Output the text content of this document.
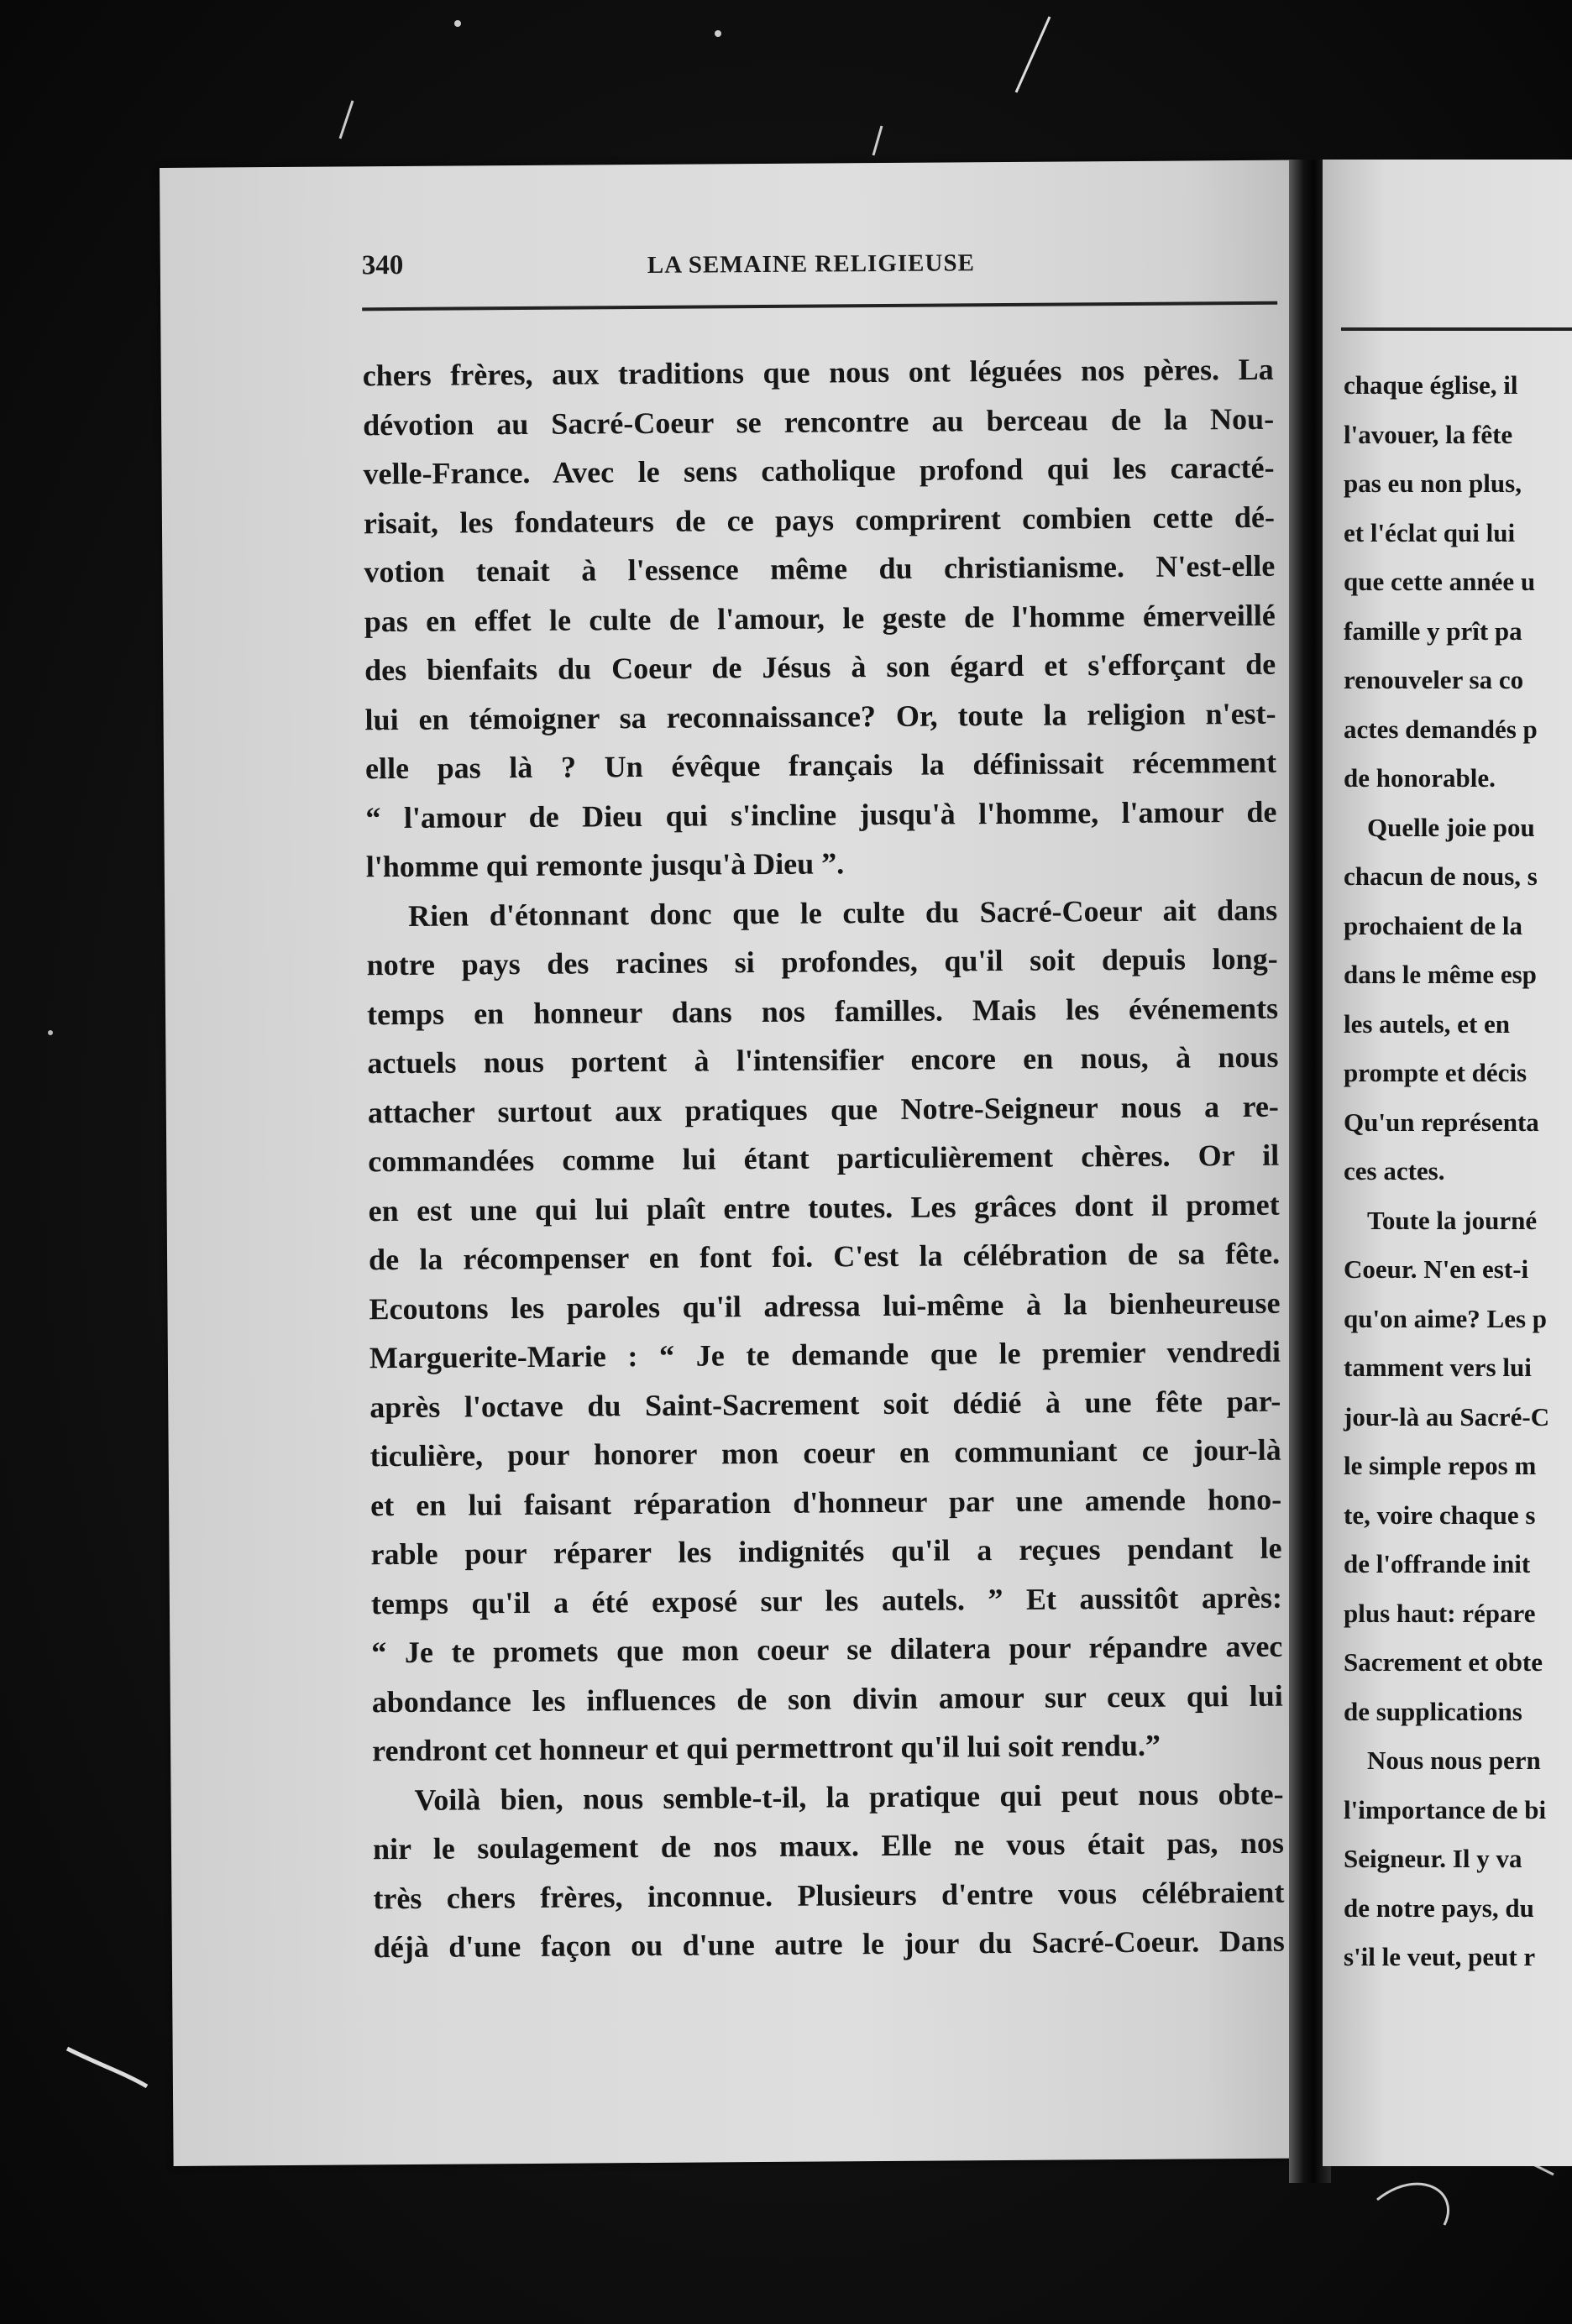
340	LA SEMAINE RELIGIEUSE
chers frères, aux traditions que nous ont léguées nos pères. La
dévotion au Sacré-Coeur se rencontre au berceau de la Nou-
velle-France. Avec le sens catholique profond qui les caracté-
risait, les fondateurs de ce pays comprirent combien cette dé-
votion tenait à l'essence même du christianisme. N'est-elle
pas en effet le culte de l'amour, le geste de l'homme émerveillé
des bienfaits du Coeur de Jésus à son égard et s'efforçant de
lui en témoigner sa reconnaissance? Or, toute la religion n'est-
elle pas là ? Un évêque français la définissait récemment
“ l'amour de Dieu qui s'incline jusqu'à l'homme, l'amour de
l'homme qui remonte jusqu'à Dieu ”.
Rien d'étonnant donc que le culte du Sacré-Coeur ait dans
notre pays des racines si profondes, qu'il soit depuis long-
temps en honneur dans nos familles. Mais les événements
actuels nous portent à l'intensifier encore en nous, à nous
attacher surtout aux pratiques que Notre-Seigneur nous a re-
commandées comme lui étant particulièrement chères. Or il
en est une qui lui plaît entre toutes. Les grâces dont il promet
de la récompenser en font foi. C'est la célébration de sa fête.
Ecoutons les paroles qu'il adressa lui-même à la bienheureuse
Marguerite-Marie : “ Je te demande que le premier vendredi
après l'octave du Saint-Sacrement soit dédié à une fête par-
ticulière, pour honorer mon coeur en communiant ce jour-là
et en lui faisant réparation d'honneur par une amende hono-
rable pour réparer les indignités qu'il a reçues pendant le
temps qu'il a été exposé sur les autels. ” Et aussitôt après:
“ Je te promets que mon coeur se dilatera pour répandre avec
abondance les influences de son divin amour sur ceux qui lui
rendront cet honneur et qui permettront qu'il lui soit rendu.”
Voilà bien, nous semble-t-il, la pratique qui peut nous obte-
nir le soulagement de nos maux. Elle ne vous était pas, nos
très chers frères, inconnue. Plusieurs d'entre vous célébraient
déjà d'une façon ou d'une autre le jour du Sacré-Coeur. Dans
chaque église, il
l'avouer, la fête
pas eu non plus,
et l'éclat qui lui
que cette année u
famille y prît pa
renouveler sa co
actes demandés p
de honorable.
Quelle joie pou
chacun de nous, s
prochaient de la
dans le même esp
les autels, et en
prompte et décis
Qu'un représenta
ces actes.
Toute la journé
Coeur. N'en est-i
qu'on aime? Les p
tamment vers lui
jour-là au Sacré-C
le simple repos m
te, voire chaque s
de l'offrande init
plus haut: répare
Sacrement et obte
de supplications
Nous nous pern
l'importance de bi
Seigneur. Il y va
de notre pays, du
s'il le veut, peut r
